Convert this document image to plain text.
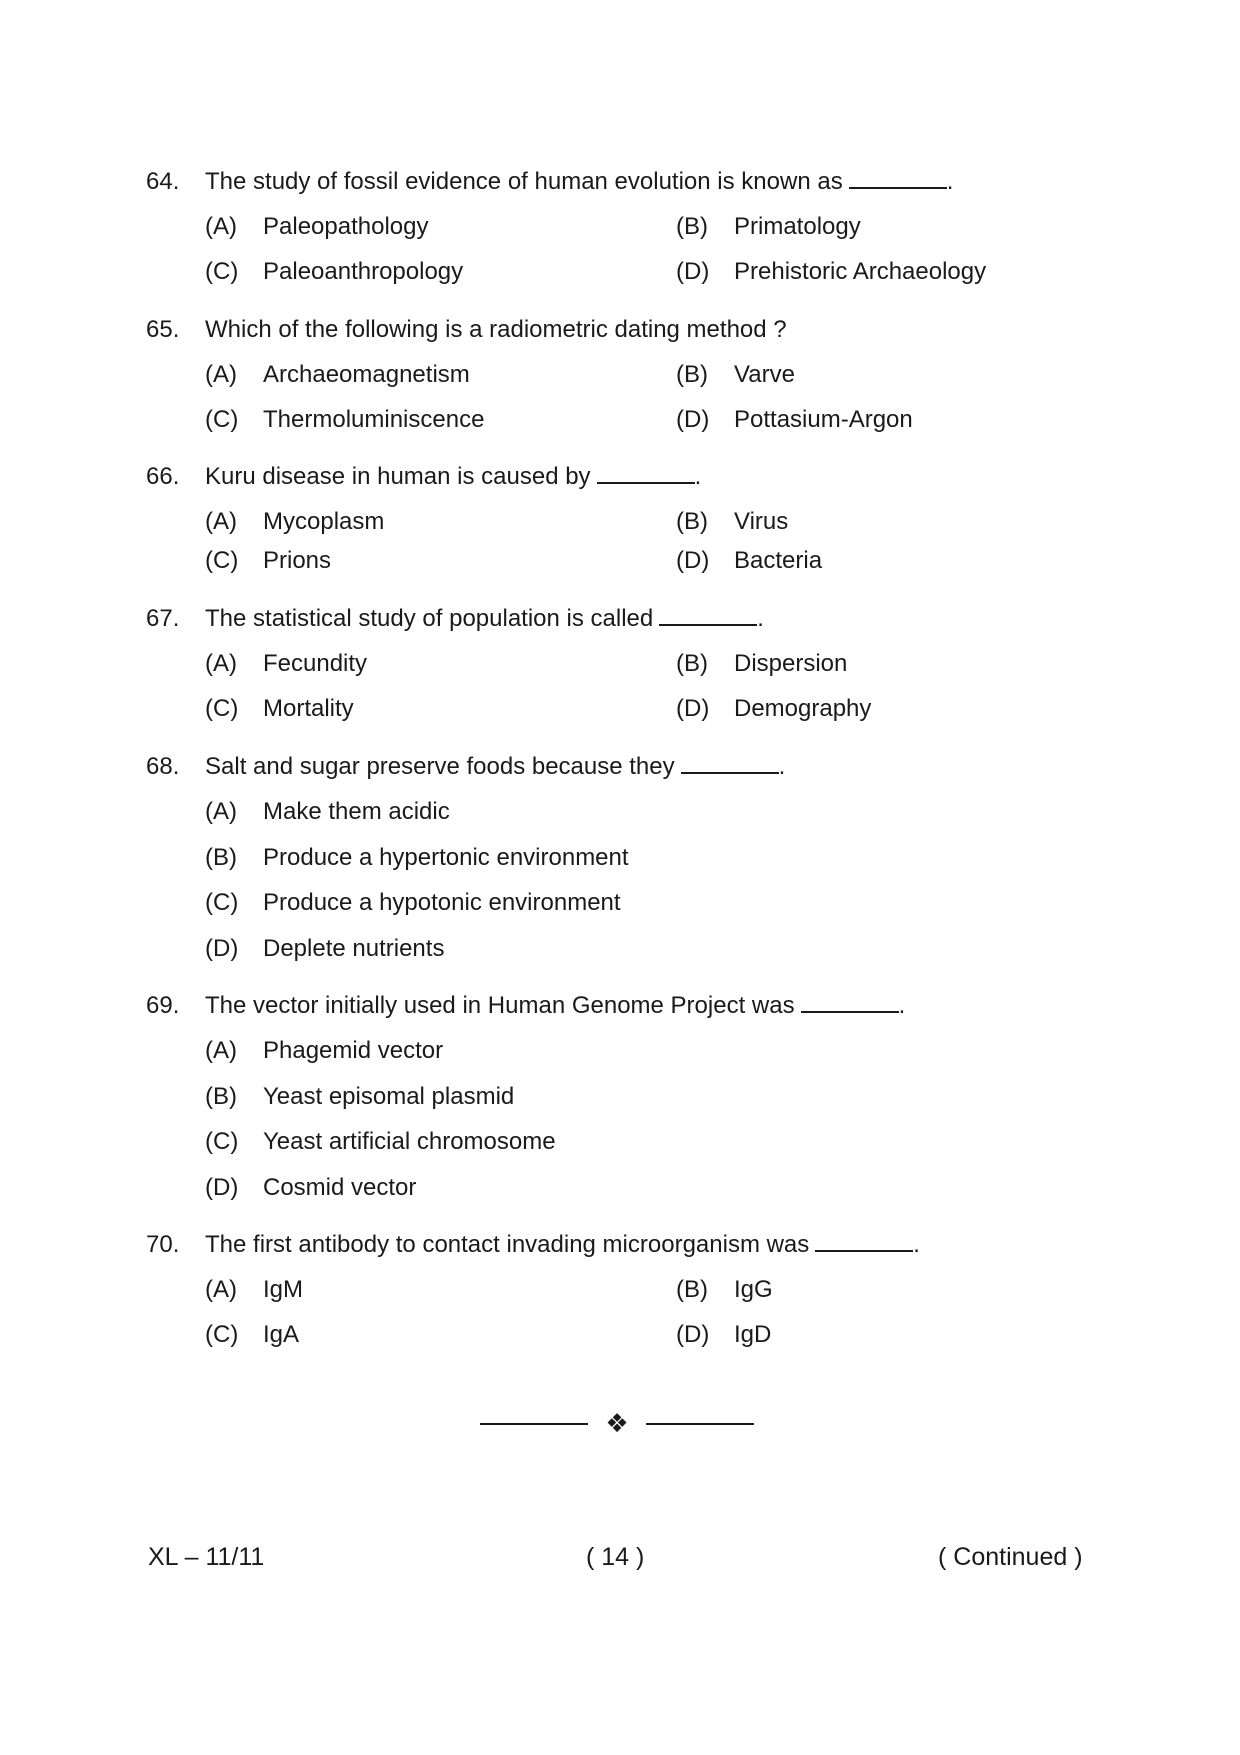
64. The study of fossil evidence of human evolution is known as	.
(A) Paleopathology	(B) Primatology
(C) Paleoanthropology	(D) Prehistoric Archaeology
65. Which of the following is a radiometric dating method ?
(A) Archaeomagnetism	(B) Varve
(C) Thermoluminiscence	(D) Pottasium-Argon
66. Kuru disease in human is caused by	.
(A) Mycoplasm	(B) Virus
(C) Prions	(D) Bacteria
67. The statistical study of population is called	.
(A) Fecundity	(B) Dispersion
(C) Mortality	(D) Demography
68. Salt and sugar preserve foods because they	.
(A) Make them acidic
(B) Produce a hypertonic environment
(C) Produce a hypotonic environment
(D) Deplete nutrients
69. The vector initially used in Human Genome Project was	.
(A) Phagemid vector
(B) Yeast episomal plasmid
(C) Yeast artificial chromosome
(D) Cosmid vector
70. The first antibody to contact invading microorganism was	.
(A) IgM	(B) IgG
(C) IgA	(D) IgD
❖
XL – 11/11	( 14 )	( Continued )
